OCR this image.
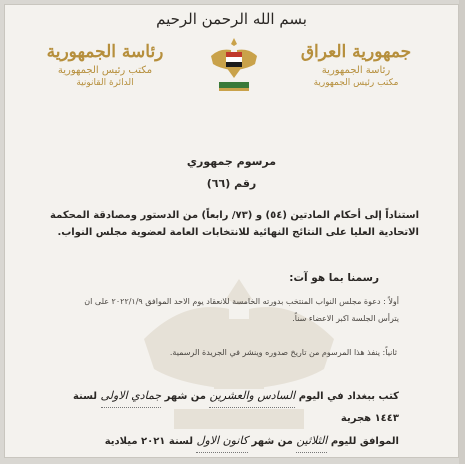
بسم الله الرحمن الرحيم
رئاسة الجمهورية
مكتب رئيس الجمهورية
الدائرة القانونية
جمهورية العراق
رئاسة الجمهورية
مكتب رئيس الجمهورية
مرسوم جمهوري
رقم (٦٦)
استناداً إلى أحكام المادتين (٥٤) و (٧٣/ رابعاً) من الدستور ومصادقة المحكمة الاتحادية العليا على النتائج النهائية للانتخابات العامة لعضوية مجلس النواب.
رسمنا بما هو آت:
أولاً : دعوة مجلس النواب المنتخب بدورته الخامسة للانعقاد يوم الاحد الموافق ٢٠٢٢/١/٩ على ان يترأس الجلسة اكبر الاعضاء سناً.
ثانياً: ينفذ هذا المرسوم من تاريخ صدوره وينشر في الجريدة الرسمية.
كتب ببغداد في اليوم السادس والعشرين من شهر جمادي الاولى لسنة ١٤٤٣ هجرية
الموافق لليوم الثلاثين من شهر كانون الاول لسنة ٢٠٢١ ميلادية
